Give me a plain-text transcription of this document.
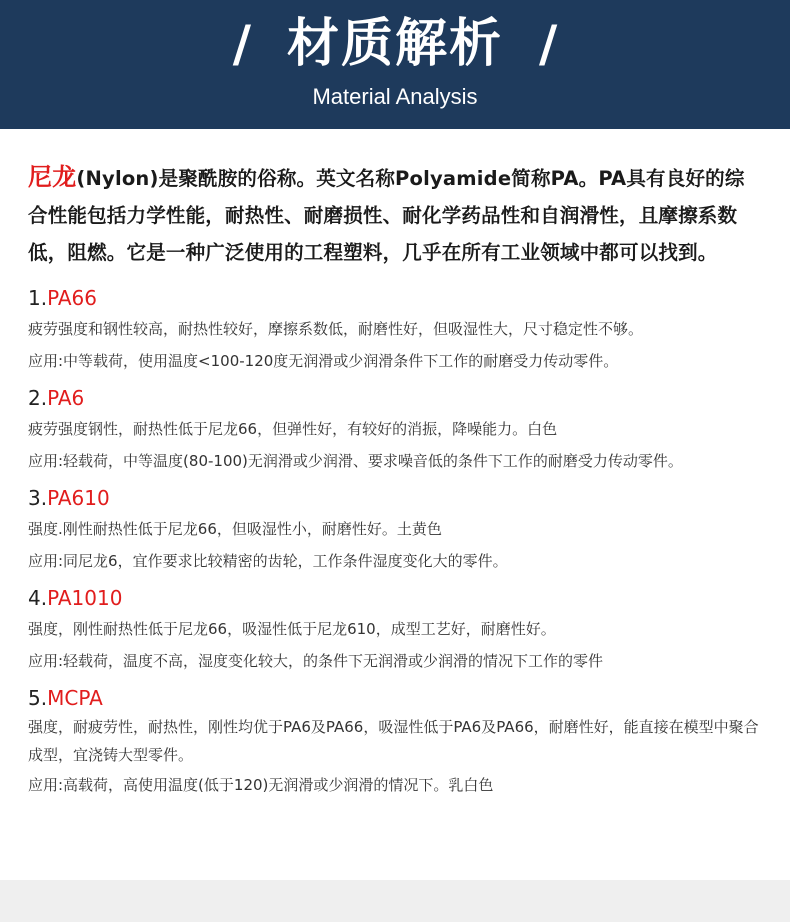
/ 材质解析 /
Material Analysis

尼龙(Nylon)是聚酰胺的俗称。英文名称Polyamide简称PA。PA具有良好的综合性能包括力学性能，耐热性、耐磨损性、耐化学药品性和自润滑性，且摩擦系数低，阻燃。它是一种广泛使用的工程塑料，几乎在所有工业领域中都可以找到。

1.PA66
疲劳强度和钢性较高，耐热性较好，摩擦系数低，耐磨性好，但吸湿性大，尺寸稳定性不够。
应用:中等载荷，使用温度<100-120度无润滑或少润滑条件下工作的耐磨受力传动零件。
2.PA6
疲劳强度钢性，耐热性低于尼龙66，但弹性好，有较好的消振，降噪能力。白色
应用:轻载荷，中等温度(80-100)无润滑或少润滑、要求噪音低的条件下工作的耐磨受力传动零件。
3.PA610
强度.刚性耐热性低于尼龙66，但吸湿性小，耐磨性好。土黄色
应用:同尼龙6，宜作要求比较精密的齿轮，工作条件湿度变化大的零件。
4.PA1010
强度，刚性耐热性低于尼龙66，吸湿性低于尼龙610，成型工艺好，耐磨性好。
应用:轻载荷，温度不高，湿度变化较大，的条件下无润滑或少润滑的情况下工作的零件
5.MCPA
强度，耐疲劳性，耐热性，刚性均优于PA6及PA66，吸湿性低于PA6及PA66，耐磨性好，能直接在模型中聚合成型，宜浇铸大型零件。
应用:高载荷，高使用温度(低于120)无润滑或少润滑的情况下。乳白色
